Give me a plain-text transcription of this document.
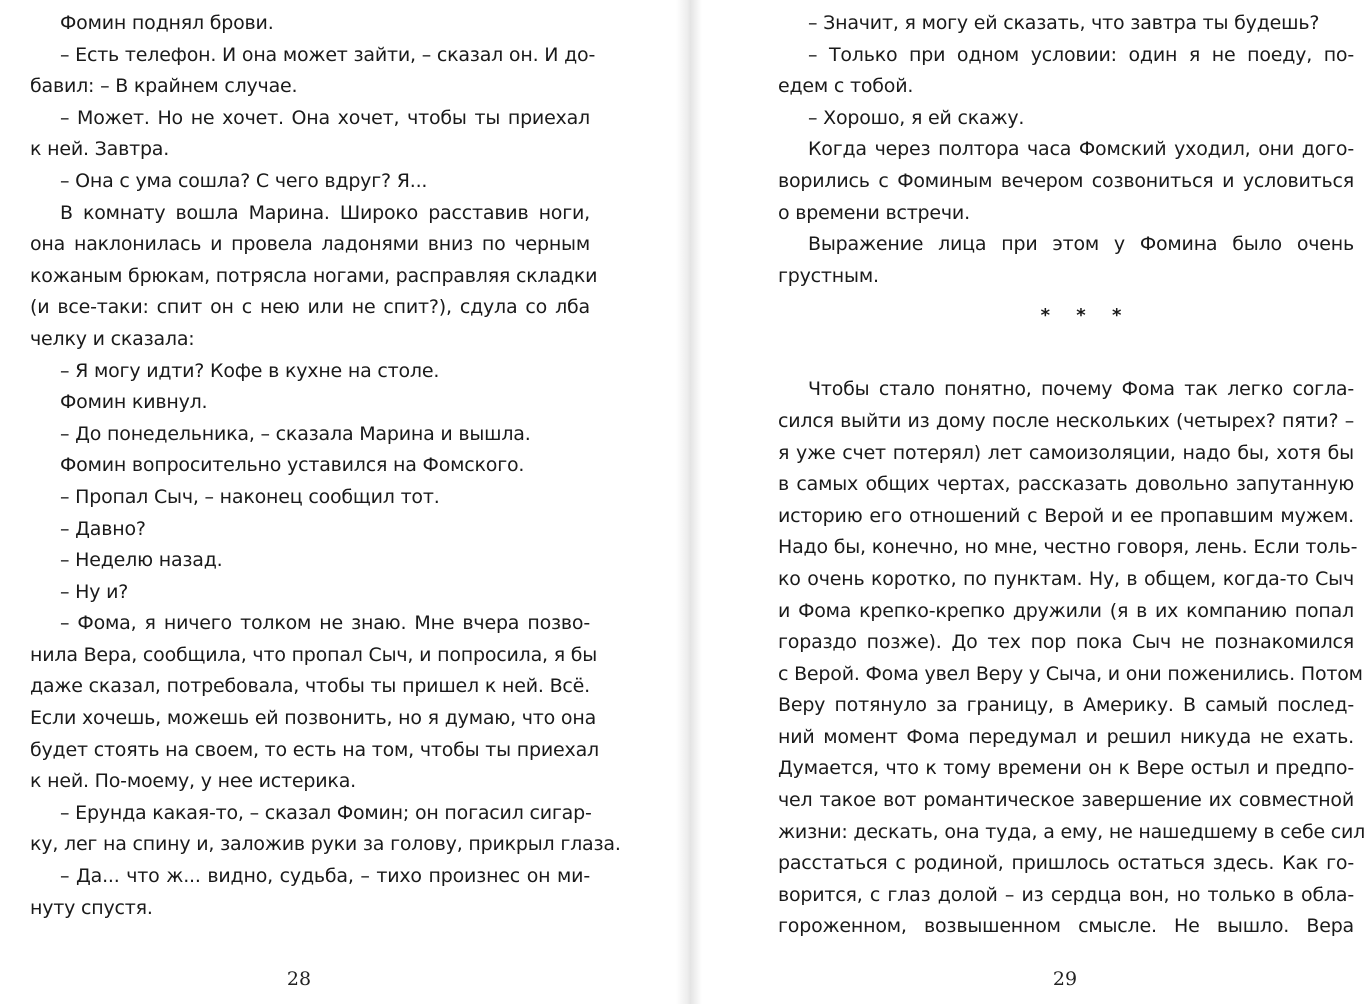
Фомин поднял брови.
– Есть телефон. И она может зайти, – сказал он. И до-
бавил: – В крайнем случае.
– Может. Но не хочет. Она хочет, чтобы ты приехал
к ней. Завтра.
– Она с ума сошла? С чего вдруг? Я...
В комнату вошла Марина. Широко расставив ноги,
она наклонилась и провела ладонями вниз по черным
кожаным брюкам, потрясла ногами, расправляя складки
(и все-таки: спит он с нею или не спит?), сдула со лба
челку и сказала:
– Я могу идти? Кофе в кухне на столе.
Фомин кивнул.
– До понедельника, – сказала Марина и вышла.
Фомин вопросительно уставился на Фомского.
– Пропал Сыч, – наконец сообщил тот.
– Давно?
– Неделю назад.
– Ну и?
– Фома, я ничего толком не знаю. Мне вчера позво-
нила Вера, сообщила, что пропал Сыч, и попросила, я бы
даже сказал, потребовала, чтобы ты пришел к ней. Всё.
Если хочешь, можешь ей позвонить, но я думаю, что она
будет стоять на своем, то есть на том, чтобы ты приехал
к ней. По-моему, у нее истерика.
– Ерунда какая-то, – сказал Фомин; он погасил сигар-
ку, лег на спину и, заложив руки за голову, прикрыл глаза.
– Да... что ж... видно, судьба, – тихо произнес он ми-
нуту спустя.
28
– Значит, я могу ей сказать, что завтра ты будешь?
– Только при одном условии: один я не поеду, по-
едем с тобой.
– Хорошо, я ей скажу.
Когда через полтора часа Фомский уходил, они дого-
ворились с Фоминым вечером созвониться и условиться
о времени встречи.
Выражение лица при этом у Фомина было очень
грустным.
* * *
Чтобы стало понятно, почему Фома так легко согла-
сился выйти из дому после нескольких (четырех? пяти? –
я уже счет потерял) лет самоизоляции, надо бы, хотя бы
в самых общих чертах, рассказать довольно запутанную
историю его отношений с Верой и ее пропавшим мужем.
Надо бы, конечно, но мне, честно говоря, лень. Если толь-
ко очень коротко, по пунктам. Ну, в общем, когда-то Сыч
и Фома крепко-крепко дружили (я в их компанию попал
гораздо позже). До тех пор пока Сыч не познакомился
с Верой. Фома увел Веру у Сыча, и они поженились. Потом
Веру потянуло за границу, в Америку. В самый послед-
ний момент Фома передумал и решил никуда не ехать.
Думается, что к тому времени он к Вере остыл и предпо-
чел такое вот романтическое завершение их совместной
жизни: дескать, она туда, а ему, не нашедшему в себе сил
расстаться с родиной, пришлось остаться здесь. Как го-
ворится, с глаз долой – из сердца вон, но только в обла-
гороженном, возвышенном смысле. Не вышло. Вера
29
